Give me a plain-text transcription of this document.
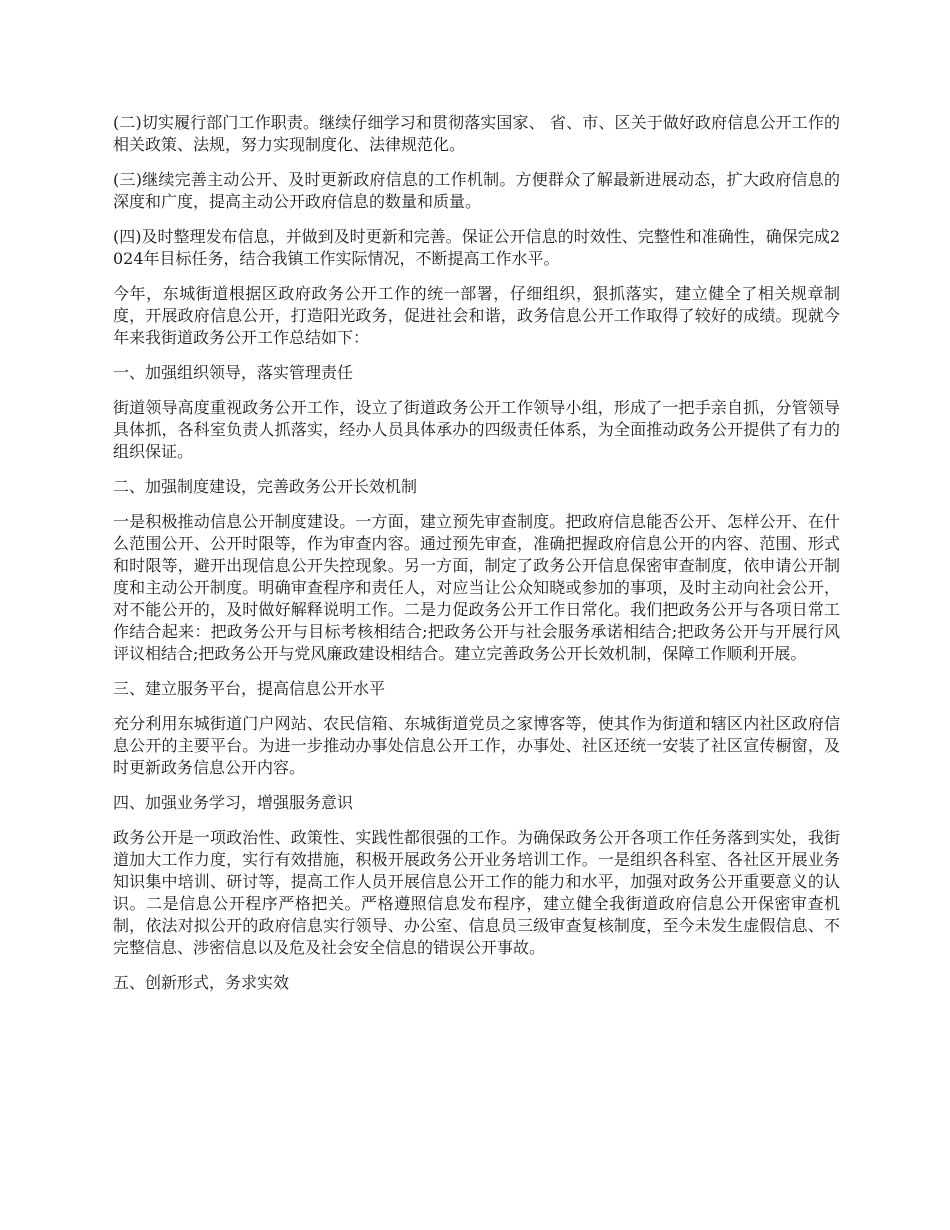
(二)切实履行部门工作职责。继续仔细学习和贯彻落实国家、 省、市、区关于做好政府信息公开工作的相关政策、法规，努力实现制度化、法律规范化。

(三)继续完善主动公开、及时更新政府信息的工作机制。方便群众了解最新进展动态，扩大政府信息的深度和广度，提高主动公开政府信息的数量和质量。

(四)及时整理发布信息，并做到及时更新和完善。保证公开信息的时效性、完整性和准确性，确保完成2024年目标任务，结合我镇工作实际情况，不断提高工作水平。

今年，东城街道根据区政府政务公开工作的统一部署，仔细组织，狠抓落实，建立健全了相关规章制度，开展政府信息公开，打造阳光政务，促进社会和谐，政务信息公开工作取得了较好的成绩。现就今年来我街道政务公开工作总结如下：

一、加强组织领导，落实管理责任

街道领导高度重视政务公开工作，设立了街道政务公开工作领导小组，形成了一把手亲自抓，分管领导具体抓，各科室负责人抓落实，经办人员具体承办的四级责任体系，为全面推动政务公开提供了有力的组织保证。

二、加强制度建设，完善政务公开长效机制

一是积极推动信息公开制度建设。一方面，建立预先审查制度。把政府信息能否公开、怎样公开、在什么范围公开、公开时限等，作为审查内容。通过预先审查，准确把握政府信息公开的内容、范围、形式和时限等，避开出现信息公开失控现象。另一方面，制定了政务公开信息保密审查制度，依申请公开制度和主动公开制度。明确审查程序和责任人，对应当让公众知晓或参加的事项，及时主动向社会公开，对不能公开的，及时做好解释说明工作。二是力促政务公开工作日常化。我们把政务公开与各项日常工作结合起来：把政务公开与目标考核相结合;把政务公开与社会服务承诺相结合;把政务公开与开展行风评议相结合;把政务公开与党风廉政建设相结合。建立完善政务公开长效机制，保障工作顺利开展。

三、建立服务平台，提高信息公开水平

充分利用东城街道门户网站、农民信箱、东城街道党员之家博客等，使其作为街道和辖区内社区政府信息公开的主要平台。为进一步推动办事处信息公开工作，办事处、社区还统一安装了社区宣传橱窗，及时更新政务信息公开内容。

四、加强业务学习，增强服务意识

政务公开是一项政治性、政策性、实践性都很强的工作。为确保政务公开各项工作任务落到实处，我街道加大工作力度，实行有效措施，积极开展政务公开业务培训工作。一是组织各科室、各社区开展业务知识集中培训、研讨等，提高工作人员开展信息公开工作的能力和水平，加强对政务公开重要意义的认识。二是信息公开程序严格把关。严格遵照信息发布程序，建立健全我街道政府信息公开保密审查机制，依法对拟公开的政府信息实行领导、办公室、信息员三级审查复核制度，至今未发生虚假信息、不完整信息、涉密信息以及危及社会安全信息的错误公开事故。

五、创新形式，务求实效
